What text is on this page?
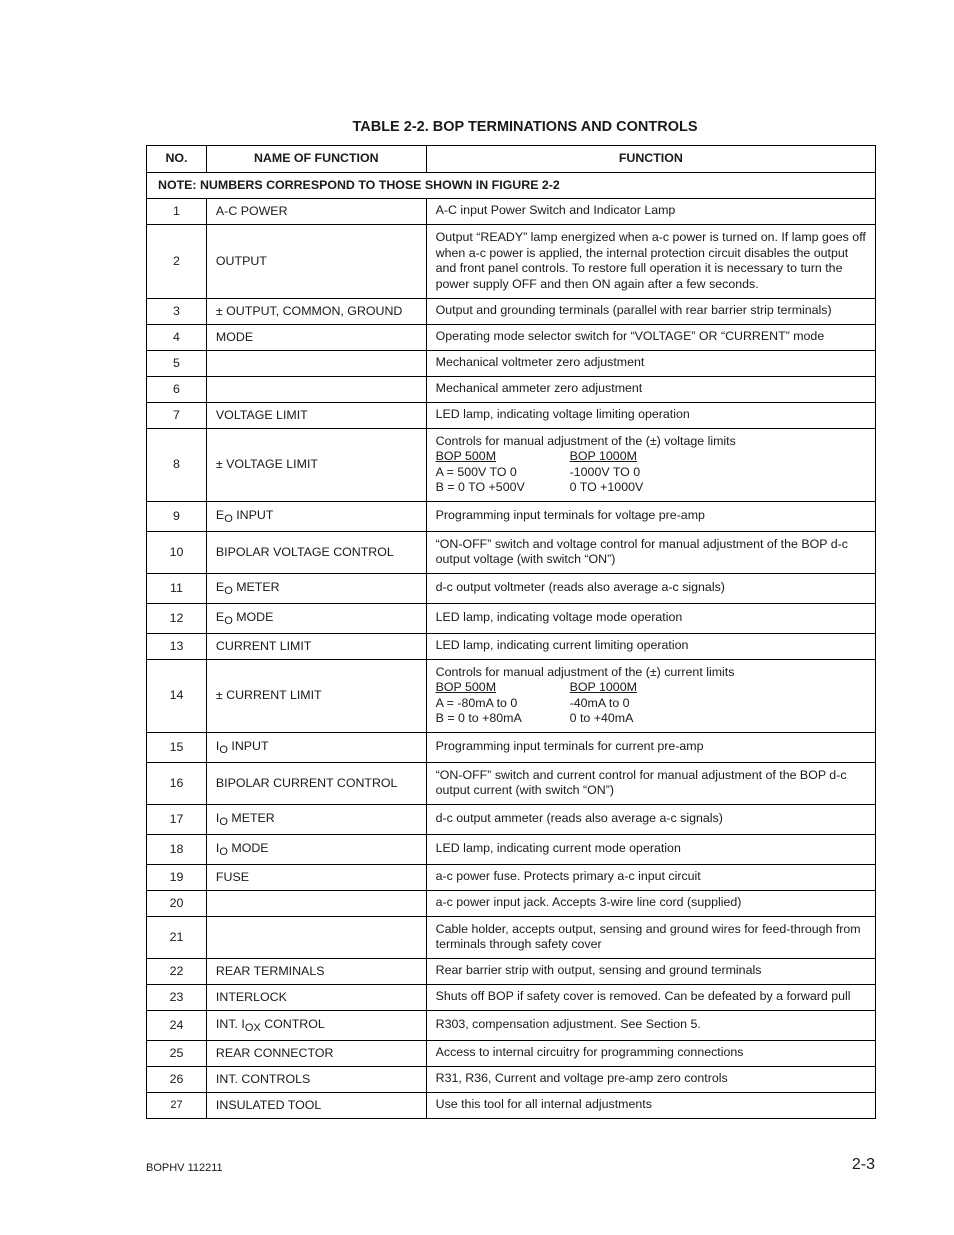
TABLE 2-2. BOP TERMINATIONS AND CONTROLS
NO.	NAME OF FUNCTION	FUNCTION
NOTE: NUMBERS CORRESPOND TO THOSE SHOWN IN FIGURE 2-2		
1	A-C POWER	A-C input Power Switch and Indicator Lamp

2	OUTPUT	Output “READY” lamp energized when a-c power is turned on. If lamp goes off
when a-c power is applied, the internal protection circuit disables the output
and front panel controls. To restore full operation it is necessary to turn the
power supply OFF and then ON again after a few seconds.

3	± OUTPUT, COMMON, GROUND	Output and grounding terminals (parallel with rear barrier strip terminals)

4	MODE	Operating mode selector switch for “VOLTAGE” OR “CURRENT” mode

5		Mechanical voltmeter zero adjustment

6		Mechanical ammeter zero adjustment

7	VOLTAGE LIMIT	LED lamp, indicating voltage limiting operation

8	± VOLTAGE LIMIT	Controls for manual adjustment of the (±) voltage limits
BOP 500M BOP 1000M
A = 500V TO 0 -1000V TO 0
B = 0 TO +500V 0 TO +1000V

9	EO INPUT	Programming input terminals for voltage pre-amp

10	BIPOLAR VOLTAGE CONTROL	“ON-OFF” switch and voltage control for manual adjustment of the BOP d-c
output voltage (with switch “ON”)

11	EO METER	d-c output voltmeter (reads also average a-c signals)

12	EO MODE	LED lamp, indicating voltage mode operation

13	CURRENT LIMIT	LED lamp, indicating current limiting operation

14	± CURRENT LIMIT	Controls for manual adjustment of the (±) current limits
BOP 500M BOP 1000M
A = -80mA to 0 -40mA to 0
B = 0 to +80mA 0 to +40mA

15	IO INPUT	Programming input terminals for current pre-amp

16	BIPOLAR CURRENT CONTROL	“ON-OFF” switch and current control for manual adjustment of the BOP d-c
output current (with switch “ON”)

17	IO METER	d-c output ammeter (reads also average a-c signals)

18	IO MODE	LED lamp, indicating current mode operation

19	FUSE	a-c power fuse. Protects primary a-c input circuit

20		a-c power input jack. Accepts 3-wire line cord (supplied)

21		Cable holder, accepts output, sensing and ground wires for feed-through from
terminals through safety cover

22	REAR TERMINALS	Rear barrier strip with output, sensing and ground terminals

23	INTERLOCK	Shuts off BOP if safety cover is removed. Can be defeated by a forward pull

24	INT. IOX CONTROL	R303, compensation adjustment. See Section 5.

25	REAR CONNECTOR	Access to internal circuitry for programming connections

26	INT. CONTROLS	R31, R36, Current and voltage pre-amp zero controls

27	INSULATED TOOL	Use this tool for all internal adjustments
BOPHV 112211	2-3
